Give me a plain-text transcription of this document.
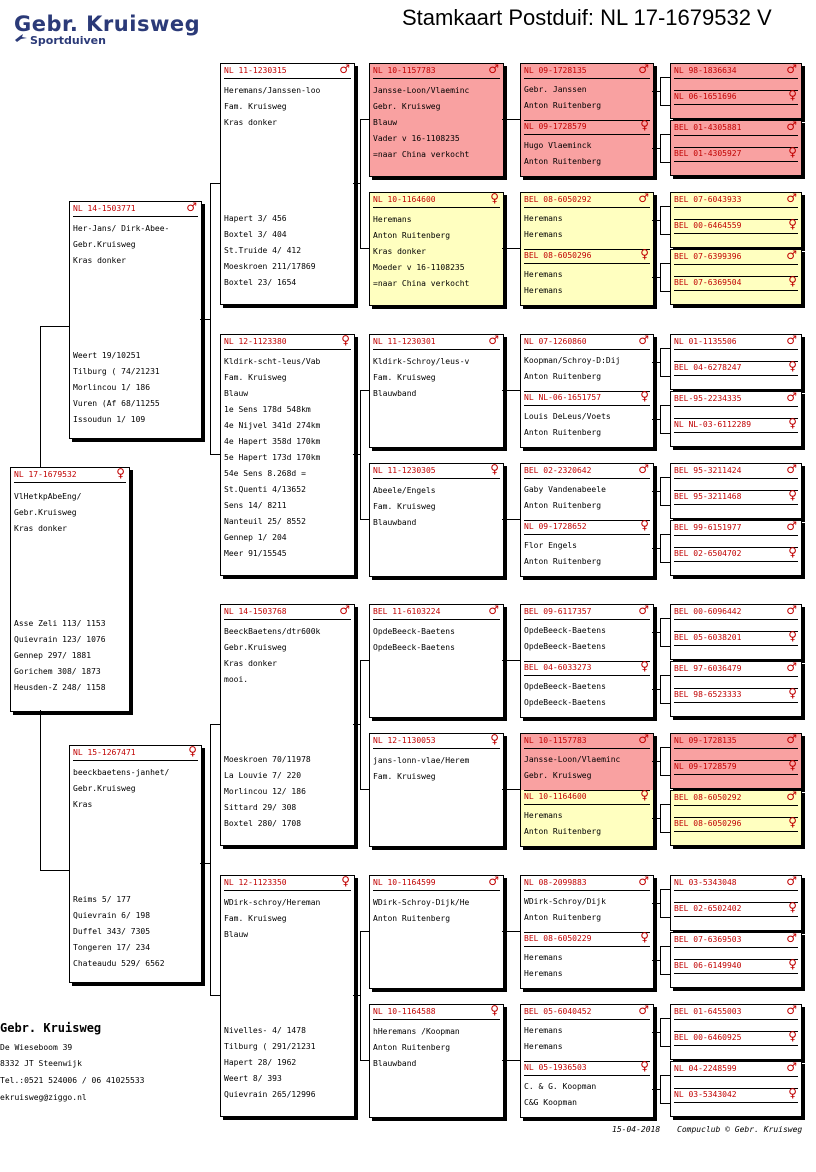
Gebr. Kruisweg
Sportduiven
Stamkaart Postduif: NL 17-1679532 V
NL 17-1679532	♀
VlHetkpAbeEng/
Gebr.Kruisweg
Kras donker
Asse Zeli 113/ 1153
Quievrain 123/ 1076
Gennep 297/ 1881
Gorichem 308/ 1873
Heusden-Z 248/ 1158
NL 14-1503771	♂
Her-Jans/ Dirk-Abee-
Gebr.Kruisweg
Kras donker
Weert 19/10251
Tilburg ( 74/21231
Morlincou 1/ 186
Vuren (Af 68/11255
Issoudun 1/ 109
NL 15-1267471	♀
beeckbaetens-janhet/
Gebr.Kruisweg
Kras
Reims 5/ 177
Quievrain 6/ 198
Duffel 343/ 7305
Tongeren 17/ 234
Chateaudu 529/ 6562
NL 11-1230315	♂
Heremans/Janssen-loo
Fam. Kruisweg
Kras donker
Hapert 3/ 456
Boxtel 3/ 404
St.Truide 4/ 412
Moeskroen 211/17869
Boxtel 23/ 1654
NL 12-1123380	♀
Kldirk-scht-leus/Vab
Fam. Kruisweg
Blauw
1e Sens 178d 548km
4e Nijvel 341d 274km
4e Hapert 358d 170km
5e Hapert 173d 170km
54e Sens 8.268d =
St.Quenti 4/13652
Sens 14/ 8211
Nanteuil 25/ 8552
Gennep 1/ 204
Meer 91/15545
NL 14-1503768	♂
BeeckBaetens/dtr600k
Gebr.Kruisweg
Kras donker
mooi.
Moeskroen 70/11978
La Louvie 7/ 220
Morlincou 12/ 186
Sittard 29/ 308
Boxtel 280/ 1708
NL 12-1123350	♀
WDirk-schroy/Hereman
Fam. Kruisweg
Blauw
Nivelles- 4/ 1478
Tilburg ( 291/21231
Hapert 28/ 1962
Weert 8/ 393
Quievrain 265/12996
NL 10-1157783	♂
Jansse-Loon/Vlaeminc
Gebr. Kruisweg
Blauw
Vader v 16-1108235
=naar China verkocht
NL 10-1164600	♀
Heremans
Anton Ruitenberg
Kras donker
Moeder v 16-1108235
=naar China verkocht
NL 11-1230301	♂
Kldirk-Schroy/leus-v
Fam. Kruisweg
Blauwband
NL 11-1230305	♀
Abeele/Engels
Fam. Kruisweg
Blauwband
BEL 11-6103224	♂
OpdeBeeck-Baetens
OpdeBeeck-Baetens
NL 12-1130053	♀
jans-lonn-vlae/Herem
Fam. Kruisweg
NL 10-1164599	♂
WDirk-Schroy-Dijk/He
Anton Ruitenberg
NL 10-1164588	♀
hHeremans /Koopman
Anton Ruitenberg
Blauwband
NL 09-1728135	♂
Gebr. Janssen
Anton Ruitenberg
NL 09-1728579	♀
Hugo Vlaeminck
Anton Ruitenberg
BEL 08-6050292	♂
Heremans
Heremans
BEL 08-6050296	♀
Heremans
Heremans
NL 07-1260860	♂
Koopman/Schroy-D:Dij
Anton Ruitenberg
NL NL-06-1651757	♀
Louis DeLeus/Voets
Anton Ruitenberg
BEL 02-2320642	♂
Gaby Vandenabeele
Anton Ruitenberg
NL 09-1728652	♀
Flor Engels
Anton Ruitenberg
BEL 09-6117357	♂
OpdeBeeck-Baetens
OpdeBeeck-Baetens
BEL 04-6033273	♀
OpdeBeeck-Baetens
OpdeBeeck-Baetens
NL 10-1157783	♂
Jansse-Loon/Vlaeminc
Gebr. Kruisweg
NL 10-1164600	♀
Heremans
Anton Ruitenberg
NL 08-2099883	♂
WDirk-Schroy/Dijk
Anton Ruitenberg
BEL 08-6050229	♀
Heremans
Heremans
BEL 05-6040452	♂
Heremans
Heremans
NL 05-1936503	♀
C. & G. Koopman
C&G Koopman
NL 98-1836634	♂
NL 06-1651696	♀
BEL 01-4305881	♂
BEL 01-4305927	♀
BEL 07-6043933	♂
BEL 00-6464559	♀
BEL 07-6399396	♂
BEL 07-6369504	♀
NL 01-1135506	♂
BEL 04-6278247	♀
BEL-95-2234335	♂
NL NL-03-6112289	♀
BEL 95-3211424	♂
BEL 95-3211468	♀
BEL 99-6151977	♂
BEL 02-6504702	♀
BEL 00-6096442	♂
BEL 05-6038201	♀
BEL 97-6036479	♂
BEL 98-6523333	♀
NL 09-1728135	♂
NL 09-1728579	♀
BEL 08-6050292	♂
BEL 08-6050296	♀
NL 03-5343048	♂
BEL 02-6502402	♀
BEL 07-6369503	♂
BEL 06-6149940	♀
BEL 01-6455003	♂
BEL 00-6460925	♀
NL 04-2248599	♂
NL 03-5343042	♀
Gebr. Kruisweg
De Wieseboom 39
8332 JT Steenwijk
Tel.:0521 524006 / 06 41025533
ekruisweg@ziggo.nl
15-04-2018 Compuclub © Gebr. Kruisweg
